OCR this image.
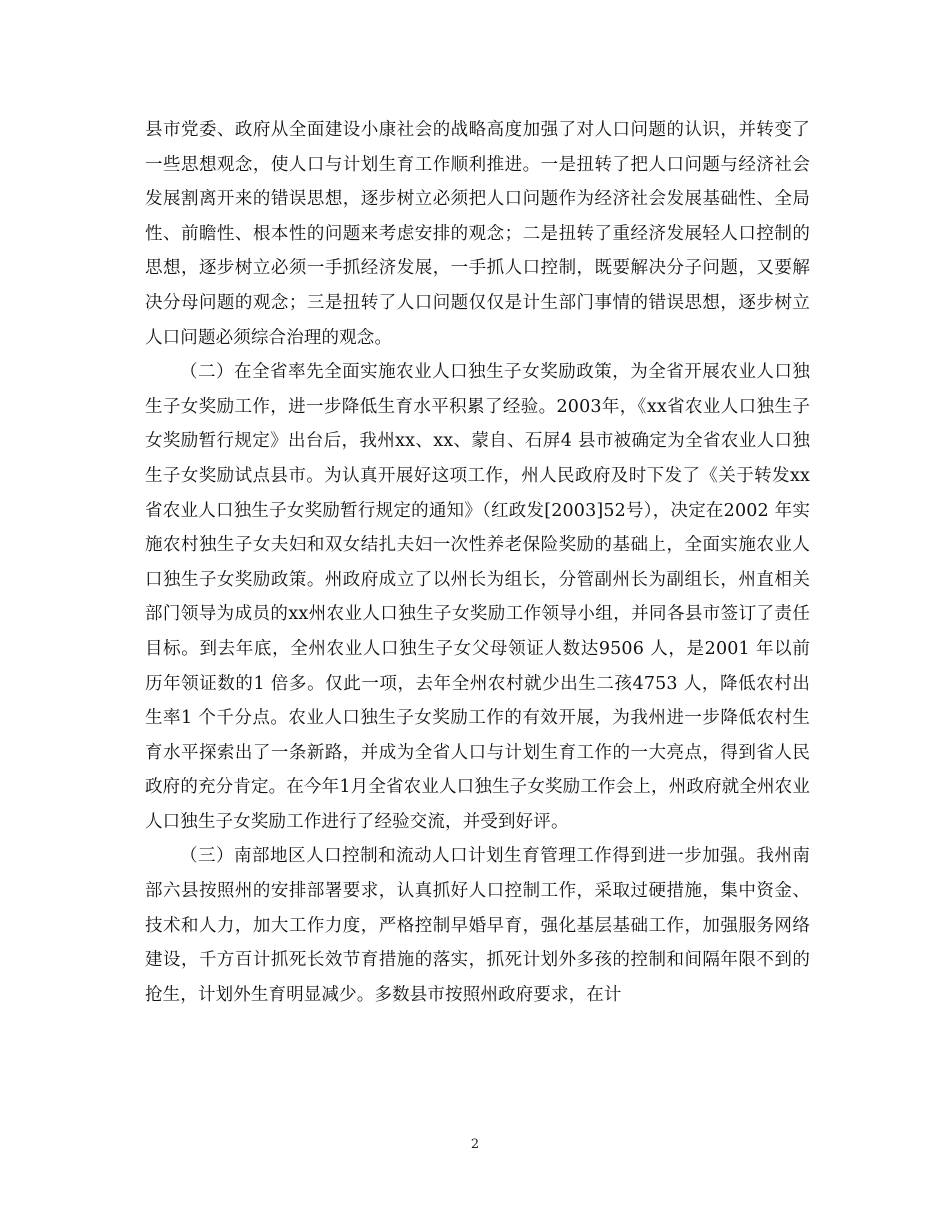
县市党委、政府从全面建设小康社会的战略高度加强了对人口问题的认识，并转变了一些思想观念，使人口与计划生育工作顺利推进。一是扭转了把人口问题与经济社会发展割离开来的错误思想，逐步树立必须把人口问题作为经济社会发展基础性、全局性、前瞻性、根本性的问题来考虑安排的观念；二是扭转了重经济发展轻人口控制的思想，逐步树立必须一手抓经济发展，一手抓人口控制，既要解决分子问题，又要解决分母问题的观念；三是扭转了人口问题仅仅是计生部门事情的错误思想，逐步树立人口问题必须综合治理的观念。

（二）在全省率先全面实施农业人口独生子女奖励政策，为全省开展农业人口独生子女奖励工作，进一步降低生育水平积累了经验。2003年，《xx省农业人口独生子女奖励暂行规定》出台后，我州xx、xx、蒙自、石屏4 县市被确定为全省农业人口独生子女奖励试点县市。为认真开展好这项工作，州人民政府及时下发了《关于转发xx省农业人口独生子女奖励暂行规定的通知》（红政发[2003]52号），决定在2002 年实施农村独生子女夫妇和双女结扎夫妇一次性养老保险奖励的基础上，全面实施农业人口独生子女奖励政策。州政府成立了以州长为组长，分管副州长为副组长，州直相关部门领导为成员的xx州农业人口独生子女奖励工作领导小组，并同各县市签订了责任目标。到去年底，全州农业人口独生子女父母领证人数达9506 人，是2001 年以前历年领证数的1 倍多。仅此一项，去年全州农村就少出生二孩4753 人，降低农村出生率1 个千分点。农业人口独生子女奖励工作的有效开展，为我州进一步降低农村生育水平探索出了一条新路，并成为全省人口与计划生育工作的一大亮点，得到省人民政府的充分肯定。在今年1月全省农业人口独生子女奖励工作会上，州政府就全州农业人口独生子女奖励工作进行了经验交流，并受到好评。

（三）南部地区人口控制和流动人口计划生育管理工作得到进一步加强。我州南部六县按照州的安排部署要求，认真抓好人口控制工作，采取过硬措施，集中资金、技术和人力，加大工作力度，严格控制早婚早育，强化基层基础工作，加强服务网络建设，千方百计抓死长效节育措施的落实，抓死计划外多孩的控制和间隔年限不到的抢生，计划外生育明显减少。多数县市按照州政府要求，在计

2
